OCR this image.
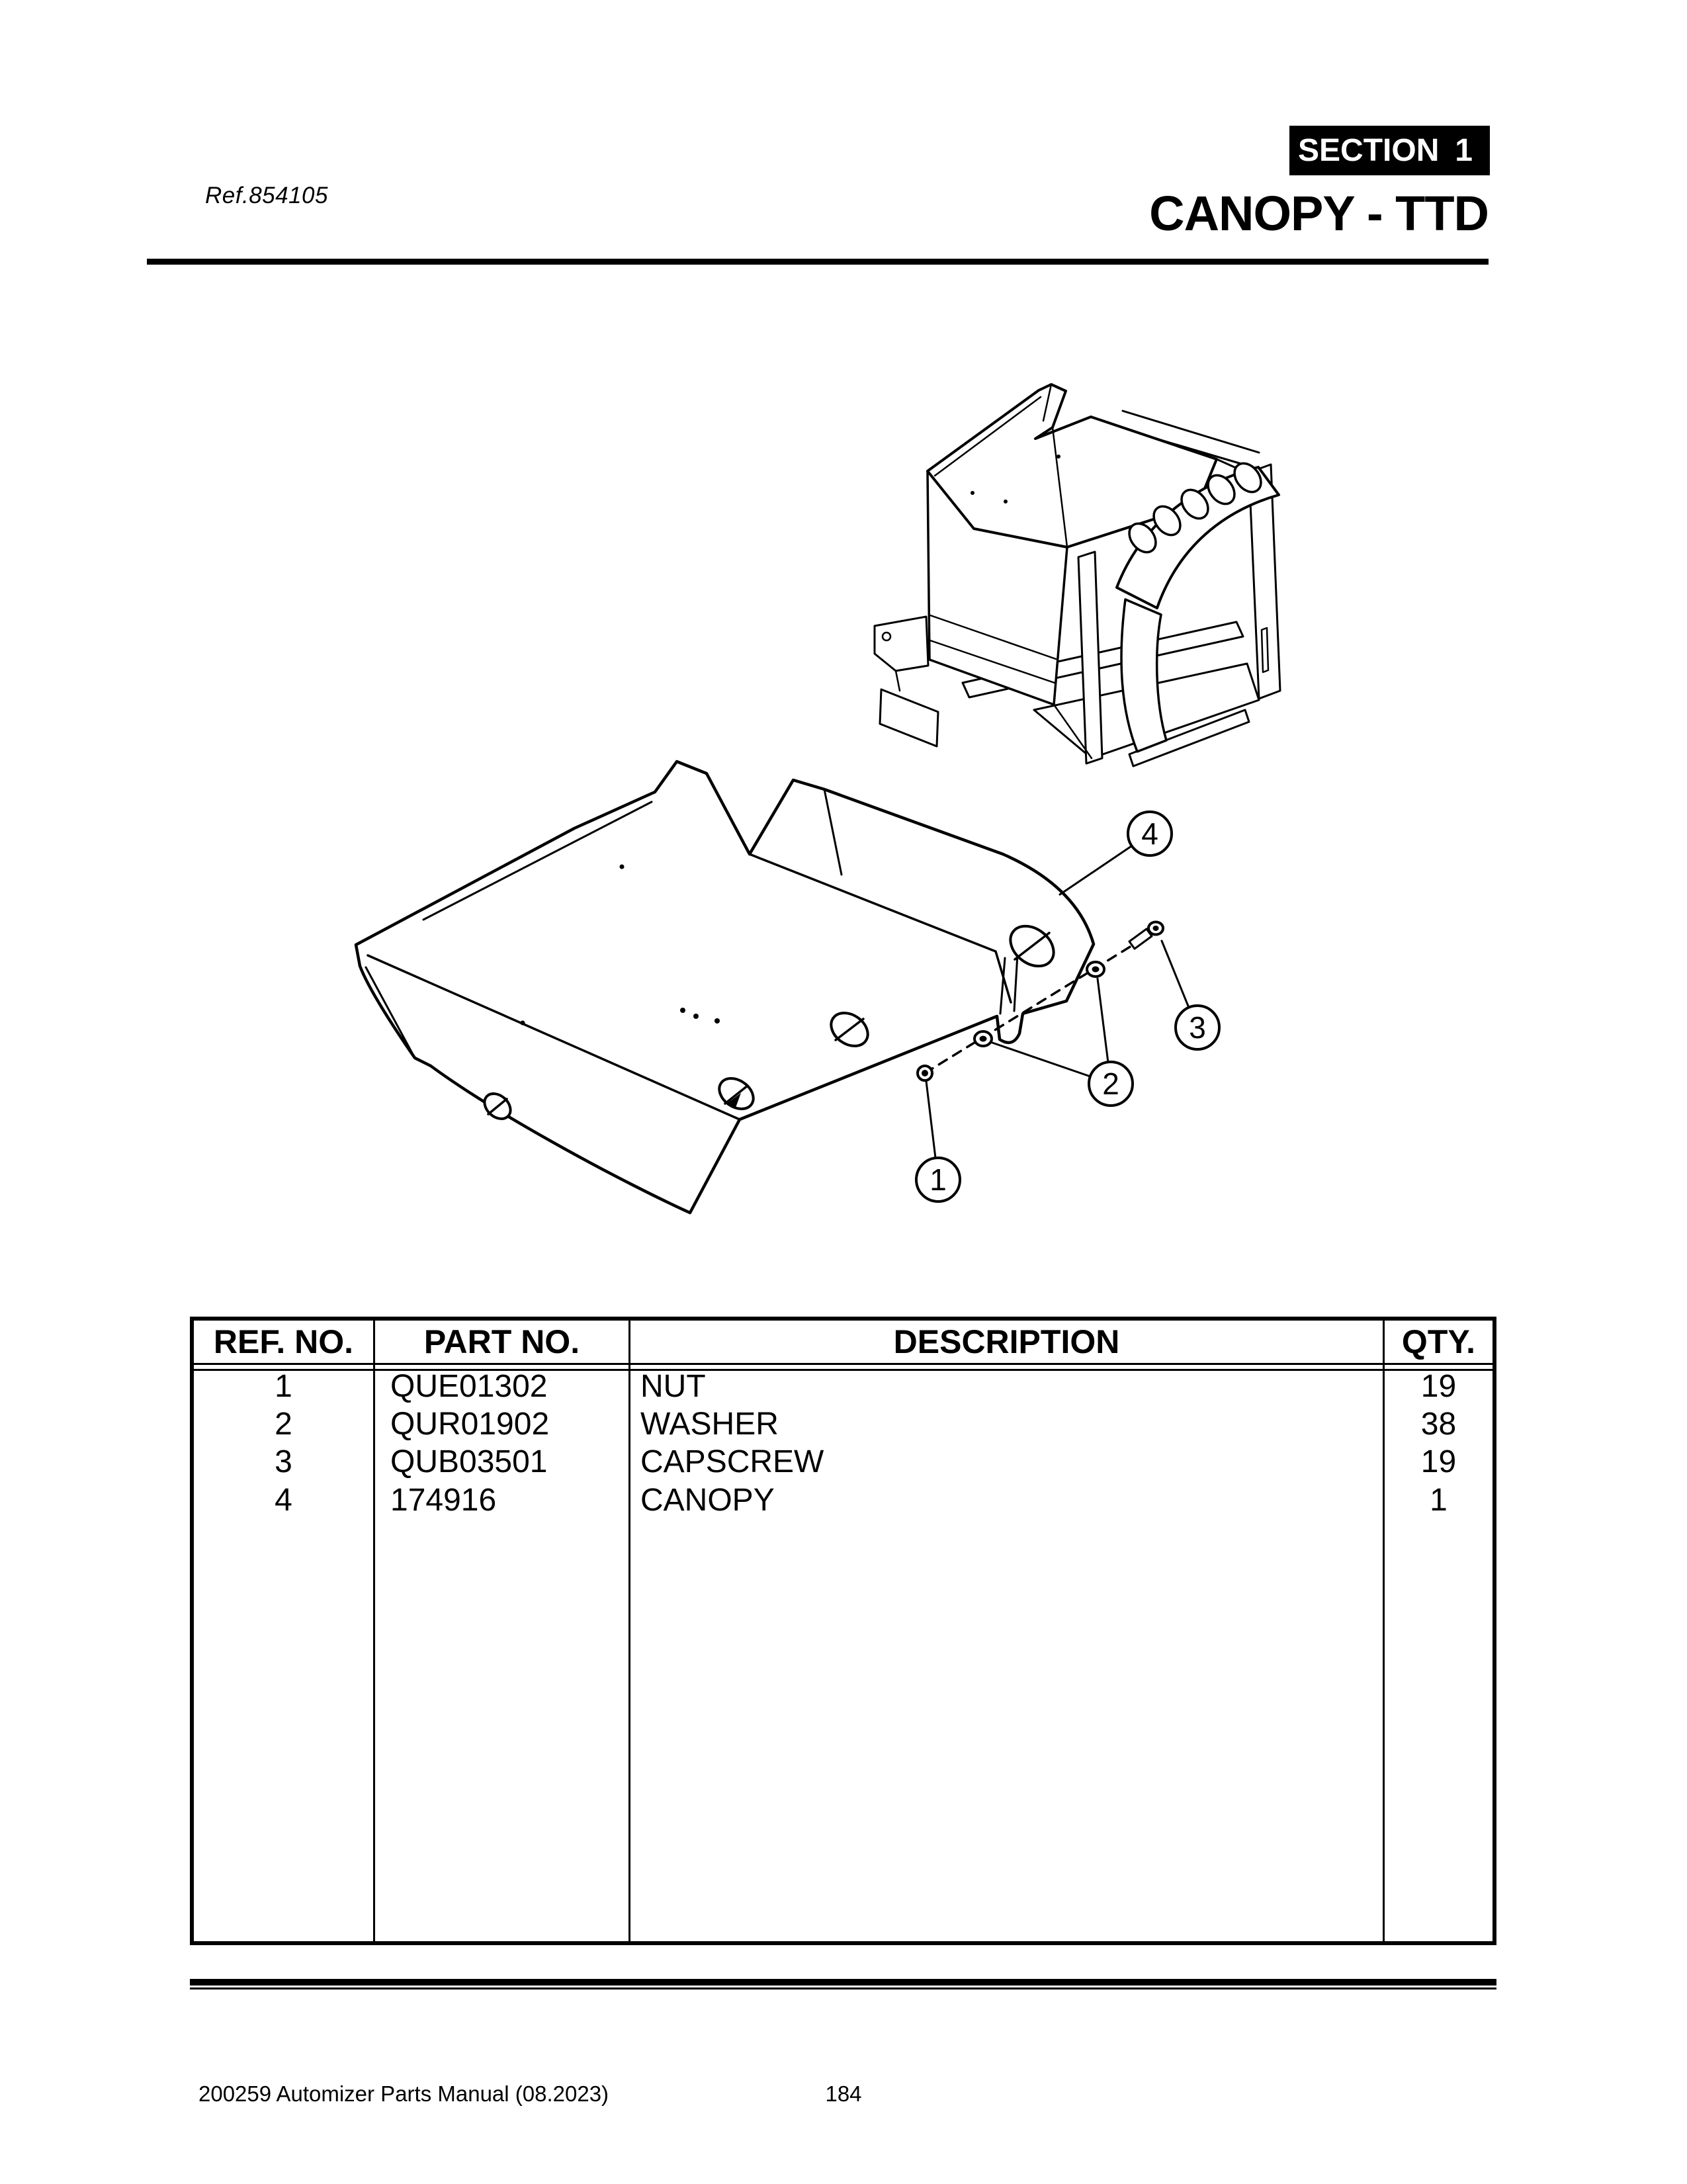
Ref.854105
SECTION 1
CANOPY - TTD
1
2
3
4
REF. NO.	PART NO.	DESCRIPTION	QTY.
1	QUE01302	NUT	19
2	QUR01902	WASHER	38
3	QUB03501	CAPSCREW	19
4	174916	CANOPY	1
200259 Automizer Parts Manual (08.2023)	184
